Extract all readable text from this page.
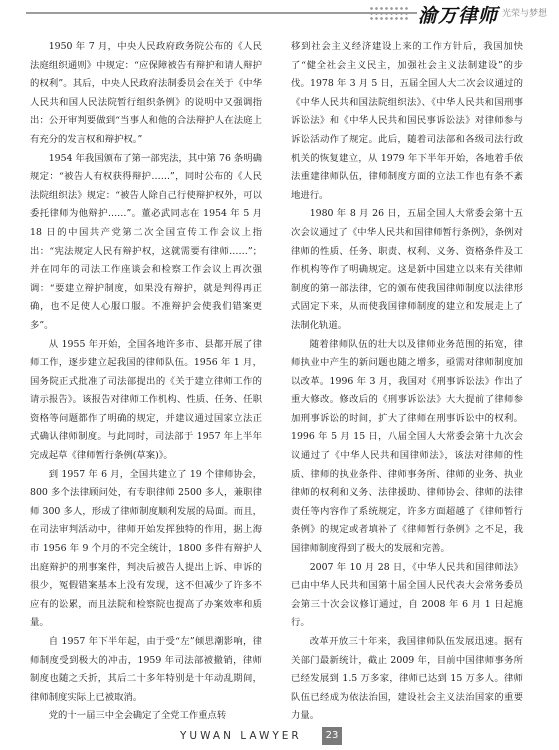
渝万律师 光荣与梦想

1950 年 7 月，中央人民政府政务院公布的《人民法庭组织通则》中规定：“应保障被告有辩护和请人辩护的权利”。其后，中央人民政府法制委员会在关于《中华人民共和国人民法院暂行组织条例》的说明中又强调指出：公开审判要做到“当事人和他的合法辩护人在法庭上有充分的发言权和辩护权。”

1954 年我国颁布了第一部宪法，其中第 76 条明确规定：“被告人有权获得辩护……”，同时公布的《人民法院组织法》规定：“被告人除自己行使辩护权外，可以委托律师为他辩护……”。董必武同志在 1954 年 5 月 18 日的中国共产党第二次全国宣传工作会议上指出：“宪法规定人民有辩护权，这就需要有律师……”；并在同年的司法工作座谈会和检察工作会议上再次强调：“要建立辩护制度，如果没有辩护，就是判得再正确，也不足使人心服口服。不准辩护会使我们错案更多”。

从 1955 年开始，全国各地许多市、县都开展了律师工作，逐步建立起我国的律师队伍。1956 年 1 月，国务院正式批准了司法部提出的《关于建立律师工作的请示报告》。该报告对律师工作机构、性质、任务、任职资格等问题都作了明确的规定，并建议通过国家立法正式确认律师制度。与此同时，司法部于 1957 年上半年完成起草《律师暂行条例(草案)》。

到 1957 年 6 月，全国共建立了 19 个律师协会，800 多个法律顾问处，有专职律师 2500 多人，兼职律师 300 多人，形成了律师制度顺利发展的局面。而且，在司法审判活动中，律师开始发挥独特的作用，据上海市 1956 年 9 个月的不完全统计，1800 多件有辩护人出庭辩护的刑事案件，判决后被告人提出上诉、申诉的很少，冤假错案基本上没有发现，这不但减少了许多不应有的讼累，而且法院和检察院也提高了办案效率和质量。

自 1957 年下半年起，由于受“左”倾思潮影响，律师制度受到极大的冲击，1959 年司法部被撤销，律师制度也随之夭折，其后二十多年特别是十年动乱期间，律师制度实际上已被取消。

党的十一届三中全会确定了全党工作重点转

移到社会主义经济建设上来的工作方针后，我国加快了“健全社会主义民主，加强社会主义法制建设”的步伐。1978 年 3 月 5 日，五届全国人大二次会议通过的《中华人民共和国法院组织法》、《中华人民共和国刑事诉讼法》和《中华人民共和国民事诉讼法》对律师参与诉讼活动作了规定。此后，随着司法部和各级司法行政机关的恢复建立，从 1979 年下半年开始，各地着手依法重建律师队伍，律师制度方面的立法工作也有条不紊地进行。

1980 年 8 月 26 日，五届全国人大常委会第十五次会议通过了《中华人民共和国律师暂行条例》，条例对律师的性质、任务、职责、权利、义务、资格条件及工作机构等作了明确规定。这是新中国建立以来有关律师制度的第一部法律，它的颁布使我国律师制度以法律形式固定下来，从而使我国律师制度的建立和发展走上了法制化轨道。

随着律师队伍的壮大以及律师业务范围的拓宽，律师执业中产生的新问题也随之增多，亟需对律师制度加以改革。1996 年 3 月，我国对《刑事诉讼法》作出了重大修改。修改后的《刑事诉讼法》大大提前了律师参加刑事诉讼的时间，扩大了律师在刑事诉讼中的权利。1996 年 5 月 15 日，八届全国人大常委会第十九次会议通过了《中华人民共和国律师法》，该法对律师的性质、律师的执业条件、律师事务所、律师的业务、执业律师的权利和义务、法律援助、律师协会、律师的法律责任等内容作了系统规定，许多方面超越了《律师暂行条例》的规定或者填补了《律师暂行条例》之不足，我国律师制度得到了极大的发展和完善。

2007 年 10 月 28 日，《中华人民共和国律师法》已由中华人民共和国第十届全国人民代表大会常务委员会第三十次会议修订通过，自 2008 年 6 月 1 日起施行。

改革开放三十年来，我国律师队伍发展迅速。据有关部门最新统计，截止 2009 年，目前中国律师事务所已经发展到 1.5 万多家，律师已达到 15 万多人。律师队伍已经成为依法治国，建设社会主义法治国家的重要力量。

YUWAN LAWYER	23
